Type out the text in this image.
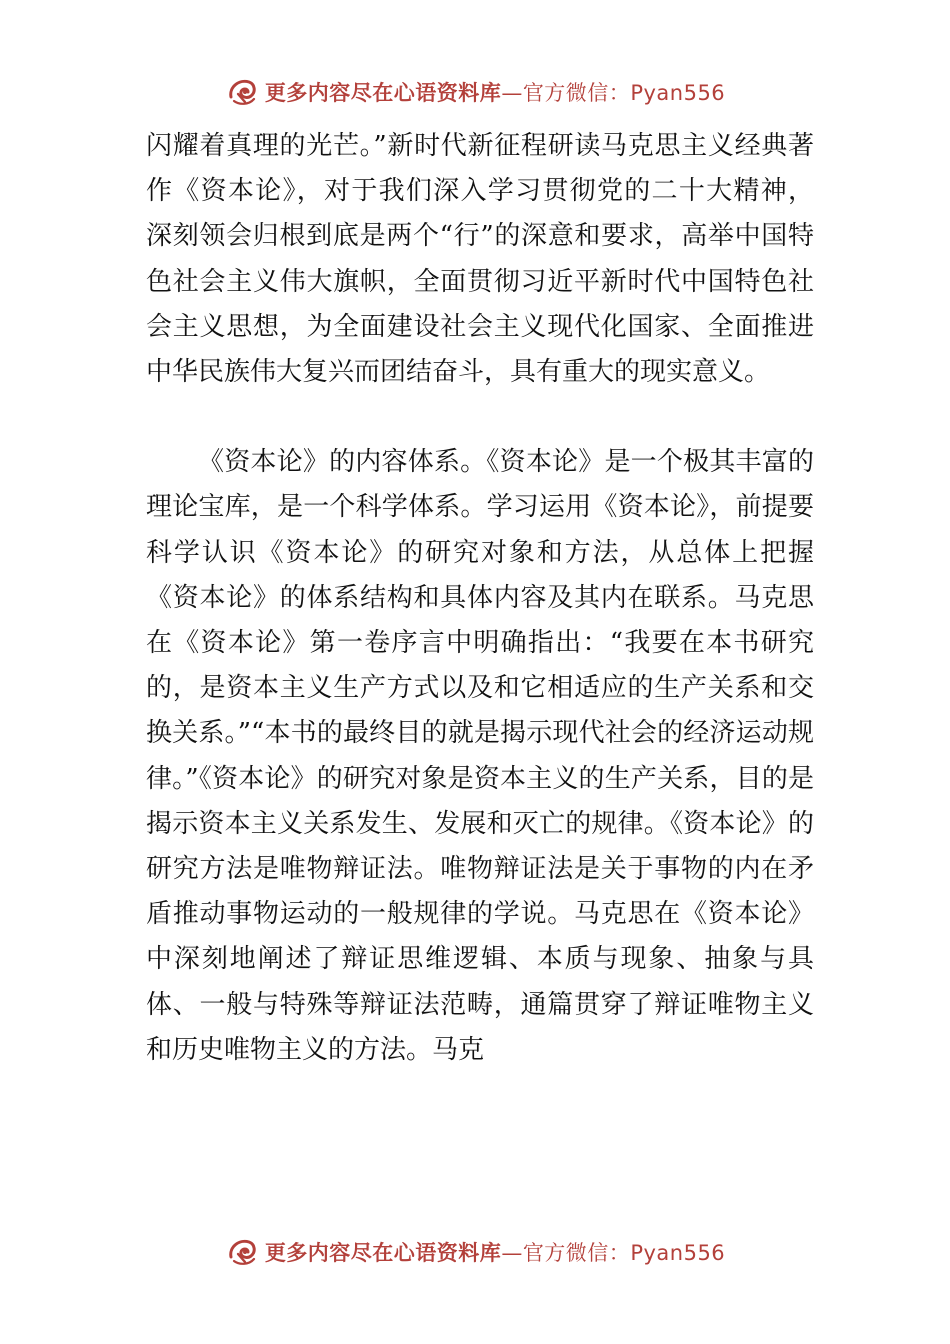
更多内容尽在心语资料库—官方微信：Pyan556

闪耀着真理的光芒。”新时代新征程研读马克思主义经典著作《资本论》，对于我们深入学习贯彻党的二十大精神， 深刻领会归根到底是两个“行”的深意和要求，高举中国特色社会主义伟大旗帜，全面贯彻习近平新时代中国特色社会主义思想，为全面建设社会主义现代化国家、全面推进中华民族伟大复兴而团结奋斗，具有重大的现实意义。

《资本论》的内容体系。《资本论》是一个极其丰富的理论宝库，是一个科学体系。学习运用《资本论》，前提要科学认识《资本论》的研究对象和方法，从总体上把握《资本论》的体系结构和具体内容及其内在联系。马克思在《资本论》第一卷序言中明确指出：“我要在本书研究的，是资本主义生产方式以及和它相适应的生产关系和交换关系。”“本书的最终目的就是揭示现代社会的经济运动规律。”《资本论》的研究对象是资本主义的生产关系，目的是揭示资本主义关系发生、发展和灭亡的规律。《资本论》的研究方法是唯物辩证法。唯物辩证法是关于事物的内在矛盾推动事物运动的一般规律的学说。马克思在《资本论》中深刻地阐述了辩证思维逻辑、本质与现象、抽象与具体、一般与特殊等辩证法范畴，通篇贯穿了辩证唯物主义和历史唯物主义的方法。马克

更多内容尽在心语资料库—官方微信：Pyan556
